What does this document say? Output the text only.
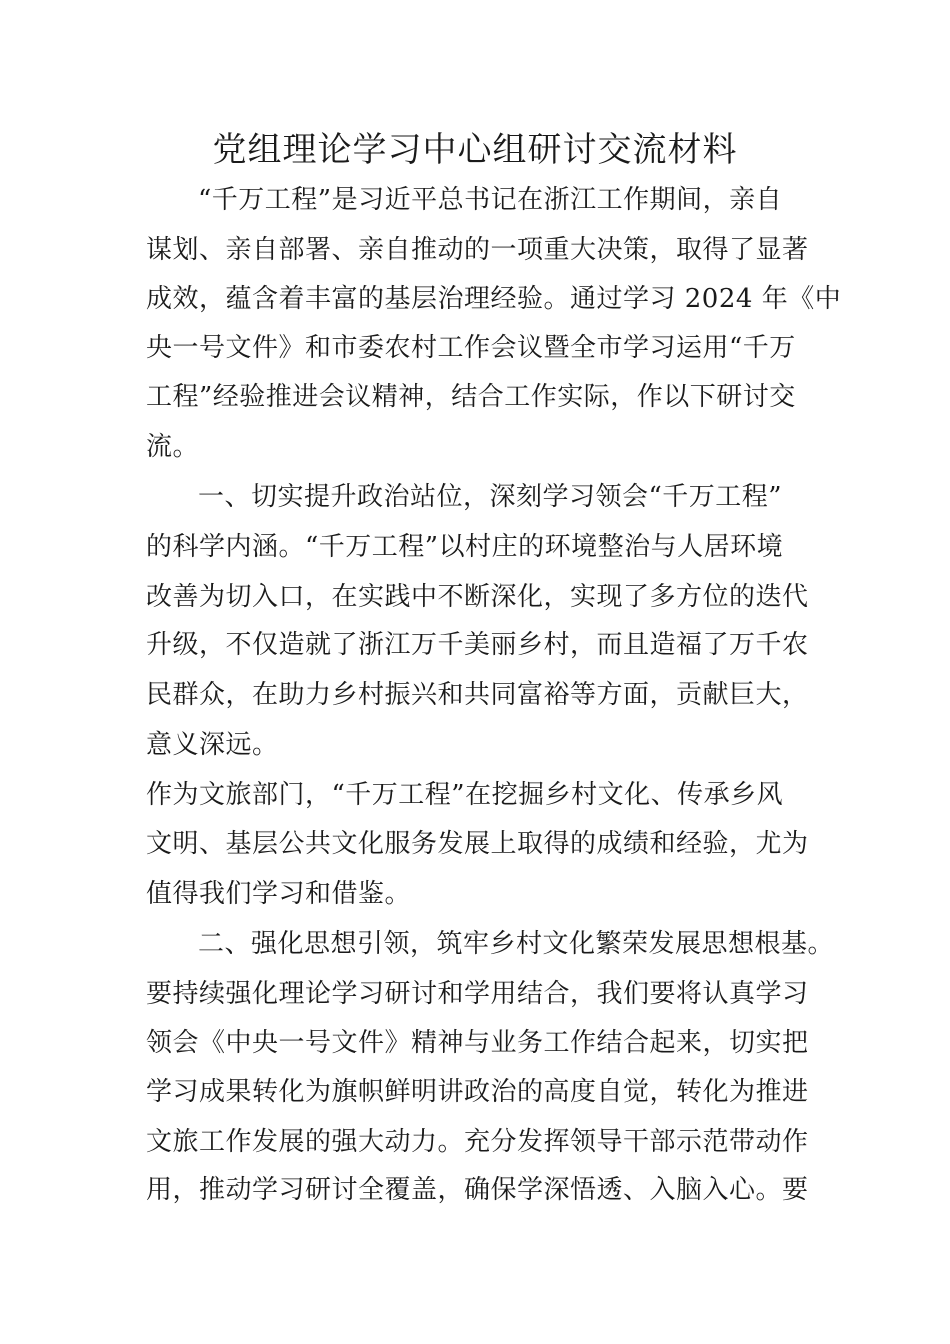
党组理论学习中心组研讨交流材料
“千万工程”是习近平总书记在浙江工作期间，亲自
谋划、亲自部署、亲自推动的一项重大决策，取得了显著
成效，蕴含着丰富的基层治理经验。通过学习 2024 年《中
央一号文件》和市委农村工作会议暨全市学习运用“千万
工程”经验推进会议精神，结合工作实际，作以下研讨交
流。
一、切实提升政治站位，深刻学习领会“千万工程”
的科学内涵。“千万工程”以村庄的环境整治与人居环境
改善为切入口，在实践中不断深化，实现了多方位的迭代
升级，不仅造就了浙江万千美丽乡村，而且造福了万千农
民群众，在助力乡村振兴和共同富裕等方面，贡献巨大，
意义深远。
作为文旅部门，“千万工程”在挖掘乡村文化、传承乡风
文明、基层公共文化服务发展上取得的成绩和经验，尤为
值得我们学习和借鉴。
二、强化思想引领，筑牢乡村文化繁荣发展思想根基。
要持续强化理论学习研讨和学用结合，我们要将认真学习
领会《中央一号文件》精神与业务工作结合起来，切实把
学习成果转化为旗帜鲜明讲政治的高度自觉，转化为推进
文旅工作发展的强大动力。充分发挥领导干部示范带动作
用，推动学习研讨全覆盖，确保学深悟透、入脑入心。要
